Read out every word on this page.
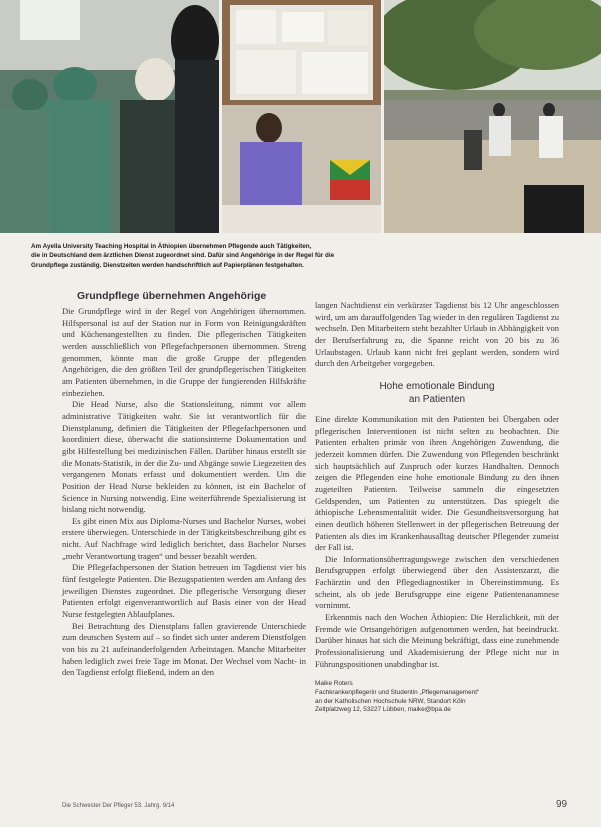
Am Ayella University Teaching Hospital in Äthiopien übernehmen Pflegende auch Tätigkeiten,
die in Deutschland dem ärztlichen Dienst zugeordnet sind. Dafür sind Angehörige in der Regel für die
Grundpflege zuständig. Dienstzeiten werden handschriftlich auf Papierplänen festgehalten.
Grundpflege übernehmen Angehörige

Die Grundpflege wird in der Regel von Angehörigen übernommen. Hilfspersonal ist auf der Station nur in Form von Reinigungskräften und Küchenangestellten zu finden. Die pflegerischen Tätigkeiten werden ausschließlich von Pflegefachpersonen übernommen. Streng genommen, könnte man die große Gruppe der pflegenden Angehörigen, die den größten Teil der grundpflegerischen Tätigkeiten am Patienten übernehmen, in die Gruppe der fungierenden Hilfskräfte einbeziehen.

Die Head Nurse, also die Stationsleitung, nimmt vor allem administrative Tätigkeiten wahr. Sie ist verantwortlich für die Dienstplanung, definiert die Tätigkeiten der Pflegefachpersonen und koordiniert diese, überwacht die stationsinterne Dokumentation und gibt Hilfestellung bei medizinischen Fällen. Darüber hinaus erstellt sie die Monats-Statistik, in der die Zu- und Abgänge sowie Liegezeiten des vergangenen Monats erfasst und dokumentiert werden. Um die Position der Head Nurse bekleiden zu können, ist ein Bachelor of Science in Nursing notwendig. Eine weiterführende Spezialisierung ist bislang nicht notwendig.

Es gibt einen Mix aus Diploma-Nurses und Bachelor Nurses, wobei erstere überwiegen. Unterschiede in der Tätigkeitsbeschreibung gibt es nicht. Auf Nachfrage wird lediglich berichtet, dass Bachelor Nurses „mehr Verantwortung tragen“ und besser bezahlt werden.

Die Pflegefachpersonen der Station betreuen im Tagdienst vier bis fünf festgelegte Patienten. Die Bezugspatienten werden am Anfang des jeweiligen Dienstes zugeordnet. Die pflegerische Versorgung dieser Patienten erfolgt eigenverantwortlich auf Basis einer von der Head Nurse festgelegten Ablaufplanes.

Bei Betrachtung des Dienstplans fallen gravierende Unterschiede zum deutschen System auf – so findet sich unter anderem Dienstfolgen von bis zu 21 aufeinanderfolgenden Arbeitstagen. Manche Mitarbeiter haben lediglich zwei freie Tage im Monat. Der Wechsel vom Nacht- in den Tagdienst erfolgt fließend, indem an den

langen Nachtdienst ein verkürzter Tagdienst bis 12 Uhr angeschlossen wird, um am darauffolgenden Tag wieder in den regulären Tagdienst zu wechseln. Den Mitarbeitern steht bezahlter Urlaub in Abhängigkeit von der Berufserfahrung zu, die Spanne reicht von 20 bis zu 36 Urlaubstagen. Urlaub kann nicht frei geplant werden, sondern wird durch den Arbeitgeber vorgegeben.

Hohe emotionale Bindung
an Patienten

Eine direkte Kommunikation mit den Patienten bei Übergaben oder pflegerischen Interventionen ist nicht selten zu beobachten. Die Patienten erhalten primär von ihren Angehörigen Zuwendung, die jederzeit kommen dürfen. Die Zuwendung von Pflegenden beschränkt sich hauptsächlich auf Zuspruch oder kurzes Handhalten. Dennoch zeigen die Pflegenden eine hohe emotionale Bindung zu den ihnen zugeteilten Patienten. Teilweise sammeln die eingesetzten Geldspenden, um Patienten zu unterstützen. Das spiegelt die äthiopische Lebensmentalität wider. Die Gesundheitsversorgung hat einen deutlich höheren Stellenwert in der pflegerischen Betreuung der Patienten als dies im Krankenhausalltag deutscher Pflegender zumeist der Fall ist.

Die Informationsübertragungswege zwischen den verschiedenen Berufsgruppen erfolgt überwiegend über den Assistenzarzt, die Fachärztin und den Pflegediagnostiker in Übereinstimmung. Es scheint, als ob jede Berufsgruppe eine eigene Patientenanamnese vornimmt.

Erkenntnis nach den Wochen Äthiopien: Die Herzlichkeit, mit der Fremde wie Ortsangehörigen aufgenommen werden, hat beeindruckt. Darüber hinaus hat sich die Meinung bekräftigt, dass eine zunehmende Professionalisierung und Akademisierung der Pflege nicht nur in Führungspositionen unabdingbar ist.

Maike Roters
Fachkrankenpflegerin und Studentin „Pflegemanagement“
an der Katholischen Hochschule NRW, Standort Köln
Zeltplatzweg 12, 53227 Lübben, maike@bpa.de
Die Schwester Der Pfleger 53. Jahrg. 9/14	99
